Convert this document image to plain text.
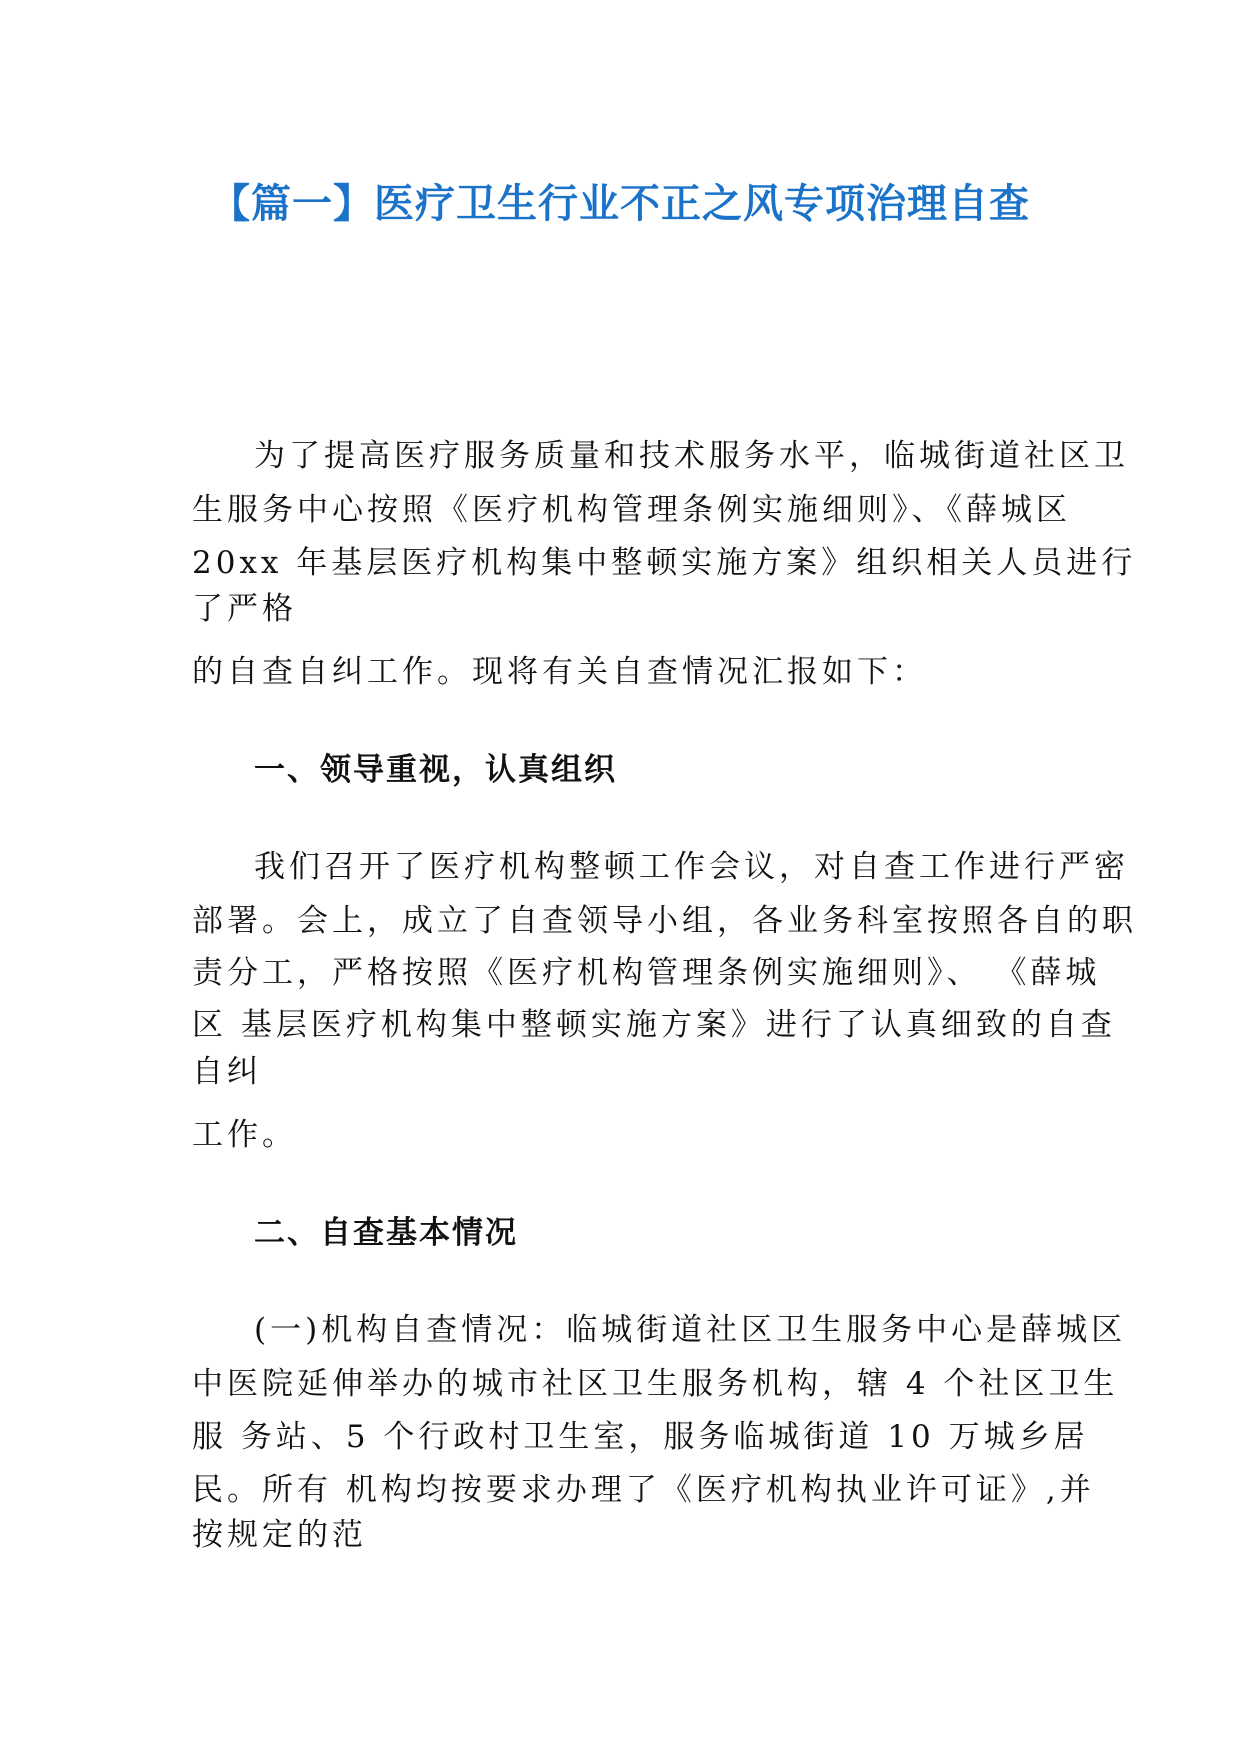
【篇一】医疗卫生行业不正之风专项治理自查
为了提高医疗服务质量和技术服务水平，临城街道社区卫
生服务中心按照《医疗机构管理条例实施细则》、《薛城区
20xx 年基层医疗机构集中整顿实施方案》组织相关人员进行
了严格
的自查自纠工作。现将有关自查情况汇报如下：
一、领导重视，认真组织
我们召开了医疗机构整顿工作会议，对自查工作进行严密
部署。会上，成立了自查领导小组，各业务科室按照各自的职
责分工，严格按照《医疗机构管理条例实施细则》、 《薛城
区 基层医疗机构集中整顿实施方案》进行了认真细致的自查
自纠
工作。
二、自查基本情况
(一)机构自查情况：临城街道社区卫生服务中心是薛城区
中医院延伸举办的城市社区卫生服务机构，辖 4 个社区卫生
服 务站、5 个行政村卫生室，服务临城街道 10 万城乡居
民。所有 机构均按要求办理了《医疗机构执业许可证》,并
按规定的范
